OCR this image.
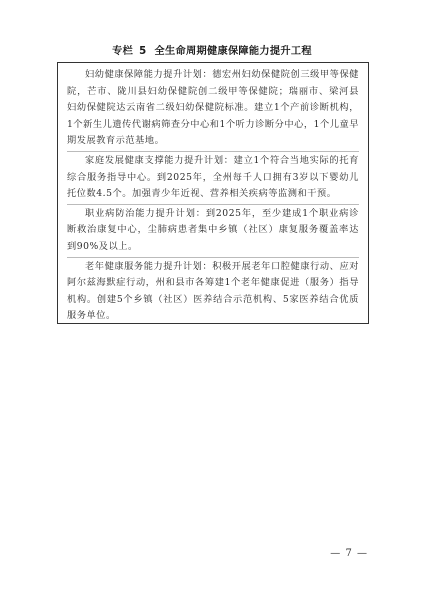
专栏 5 全生命周期健康保障能力提升工程

妇幼健康保障能力提升计划：德宏州妇幼保健院创三级甲等保健院，芒市、陇川县妇幼保健院创二级甲等保健院；瑞丽市、梁河县妇幼保健院达云南省二级妇幼保健院标准。建立1个产前诊断机构，1个新生儿遗传代谢病筛查分中心和1个听力诊断分中心，1个儿童早期发展教育示范基地。

家庭发展健康支撑能力提升计划：建立1个符合当地实际的托育综合服务指导中心。到2025年，全州每千人口拥有3岁以下婴幼儿托位数4.5个。加强青少年近视、营养相关疾病等监测和干预。

职业病防治能力提升计划：到2025年，至少建成1个职业病诊断救治康复中心，尘肺病患者集中乡镇（社区）康复服务覆盖率达到90%及以上。

老年健康服务能力提升计划：积极开展老年口腔健康行动、应对阿尔兹海默症行动，州和县市各筹建1个老年健康促进（服务）指导机构。创建5个乡镇（社区）医养结合示范机构、5家医养结合优质服务单位。

— 7 —
